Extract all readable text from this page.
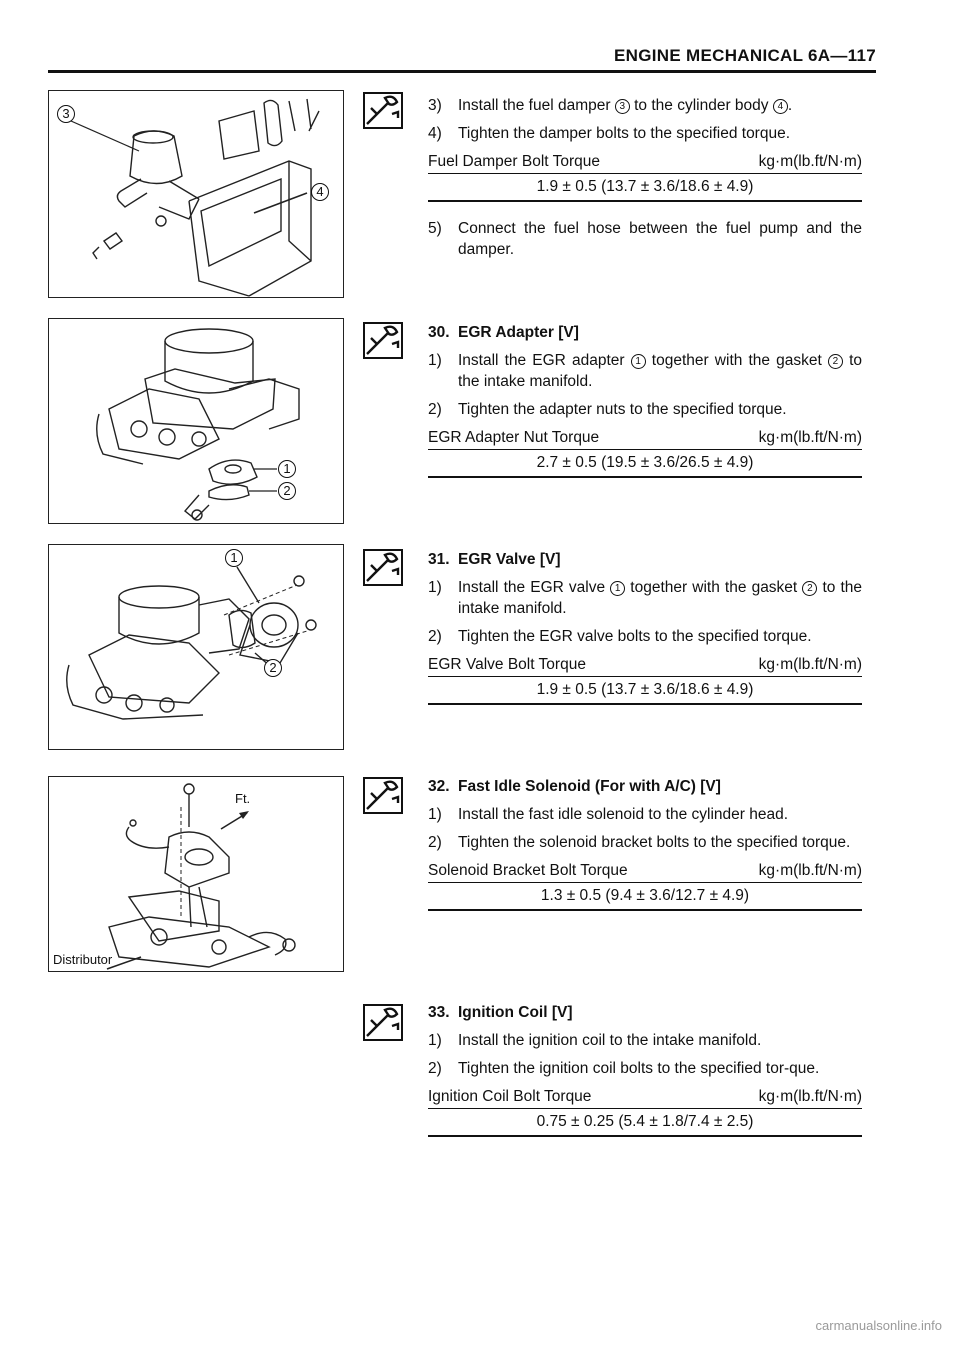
ENGINE MECHANICAL 6A—117
3
4
1
2
1
2
Ft.
Distributor
3)	Install the fuel damper 3 to the cylinder body 4 .
4)	Tighten the damper bolts to the specified torque.
Fuel Damper Bolt Torque	kg·m(lb.ft/N·m)
1.9 ± 0.5 (13.7 ± 3.6/18.6 ± 4.9)
5)	Connect the fuel hose between the fuel pump and the damper.
30. EGR Adapter [V]
1)	Install the EGR adapter 1 together with the gasket 2 to the intake manifold.
2)	Tighten the adapter nuts to the specified torque.
EGR Adapter Nut Torque	kg·m(lb.ft/N·m)
2.7 ± 0.5 (19.5 ± 3.6/26.5 ± 4.9)
31. EGR Valve [V]
1)	Install the EGR valve 1 together with the gasket 2 to the intake manifold.
2)	Tighten the EGR valve bolts to the specified torque.
EGR Valve Bolt Torque	kg·m(lb.ft/N·m)
1.9 ± 0.5 (13.7 ± 3.6/18.6 ± 4.9)
32. Fast Idle Solenoid (For with A/C) [V]
1)	Install the fast idle solenoid to the cylinder head.
2)	Tighten the solenoid bracket bolts to the specified torque.
Solenoid Bracket Bolt Torque	kg·m(lb.ft/N·m)
1.3 ± 0.5 (9.4 ± 3.6/12.7 ± 4.9)
33. Ignition Coil [V]
1)	Install the ignition coil to the intake manifold.
2)	Tighten the ignition coil bolts to the specified tor-que.
Ignition Coil Bolt Torque	kg·m(lb.ft/N·m)
0.75 ± 0.25 (5.4 ± 1.8/7.4 ± 2.5)
carmanualsonline.info
